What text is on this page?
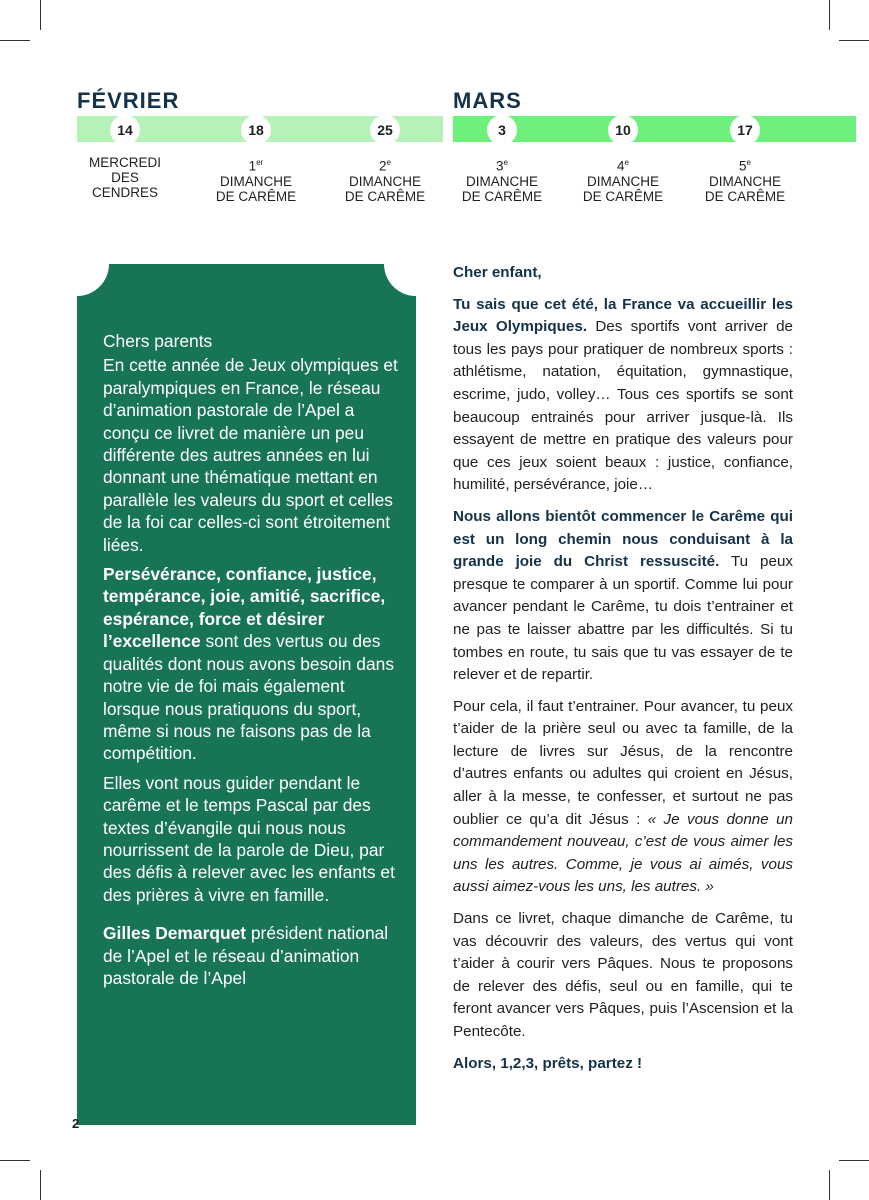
FÉVRIER	MARS
14
MERCREDI
DES
CENDRES
18
1er
DIMANCHE
DE CARÊME
25
2e
DIMANCHE
DE CARÊME
3
3e
DIMANCHE
DE CARÊME
10
4e
DIMANCHE
DE CARÊME
17
5e
DIMANCHE
DE CARÊME

Chers parents

En cette année de Jeux olympiques et paralympiques en France, le réseau d’animation pastorale de l’Apel a conçu ce livret de manière un peu différente des autres années en lui donnant une thématique mettant en parallèle les valeurs du sport et celles de la foi car celles-ci sont étroitement liées.

Persévérance, confiance, justice, tempérance, joie, amitié, sacrifice, espérance, force et désirer l’excellence sont des vertus ou des qualités dont nous avons besoin dans notre vie de foi mais également lorsque nous pratiquons du sport, même si nous ne faisons pas de la compétition.

Elles vont nous guider pendant le carême et le temps Pascal par des textes d’évangile qui nous nous nourrissent de la parole de Dieu, par des défis à relever avec les enfants et des prières à vivre en famille.

Gilles Demarquet président national de l’Apel et le réseau d’animation pastorale de l’Apel

Cher enfant,

Tu sais que cet été, la France va accueillir les Jeux Olympiques. Des sportifs vont arriver de tous les pays pour pratiquer de nombreux sports : athlétisme, natation, équitation, gymnastique, escrime, judo, volley… Tous ces sportifs se sont beaucoup entrainés pour arriver jusque-là. Ils essayent de mettre en pratique des valeurs pour que ces jeux soient beaux : justice, confiance, humilité, persévérance, joie…

Nous allons bientôt commencer le Carême qui est un long chemin nous conduisant à la grande joie du Christ ressuscité. Tu peux presque te comparer à un sportif. Comme lui pour avancer pendant le Carême, tu dois t’entrainer et ne pas te laisser abattre par les difficultés. Si tu tombes en route, tu sais que tu vas essayer de te relever et de repartir.

Pour cela, il faut t’entrainer. Pour avancer, tu peux t’aider de la prière seul ou avec ta famille, de la lecture de livres sur Jésus, de la rencontre d’autres enfants ou adultes qui croient en Jésus, aller à la messe, te confesser, et surtout ne pas oublier ce qu’a dit Jésus : « Je vous donne un commandement nouveau, c’est de vous aimer les uns les autres. Comme, je vous ai aimés, vous aussi aimez-vous les uns, les autres. »

Dans ce livret, chaque dimanche de Carême, tu vas découvrir des valeurs, des vertus qui vont t’aider à courir vers Pâques. Nous te proposons de relever des défis, seul ou en famille, qui te feront avancer vers Pâques, puis l’Ascension et la Pentecôte.

Alors, 1,2,3, prêts, partez !

2
